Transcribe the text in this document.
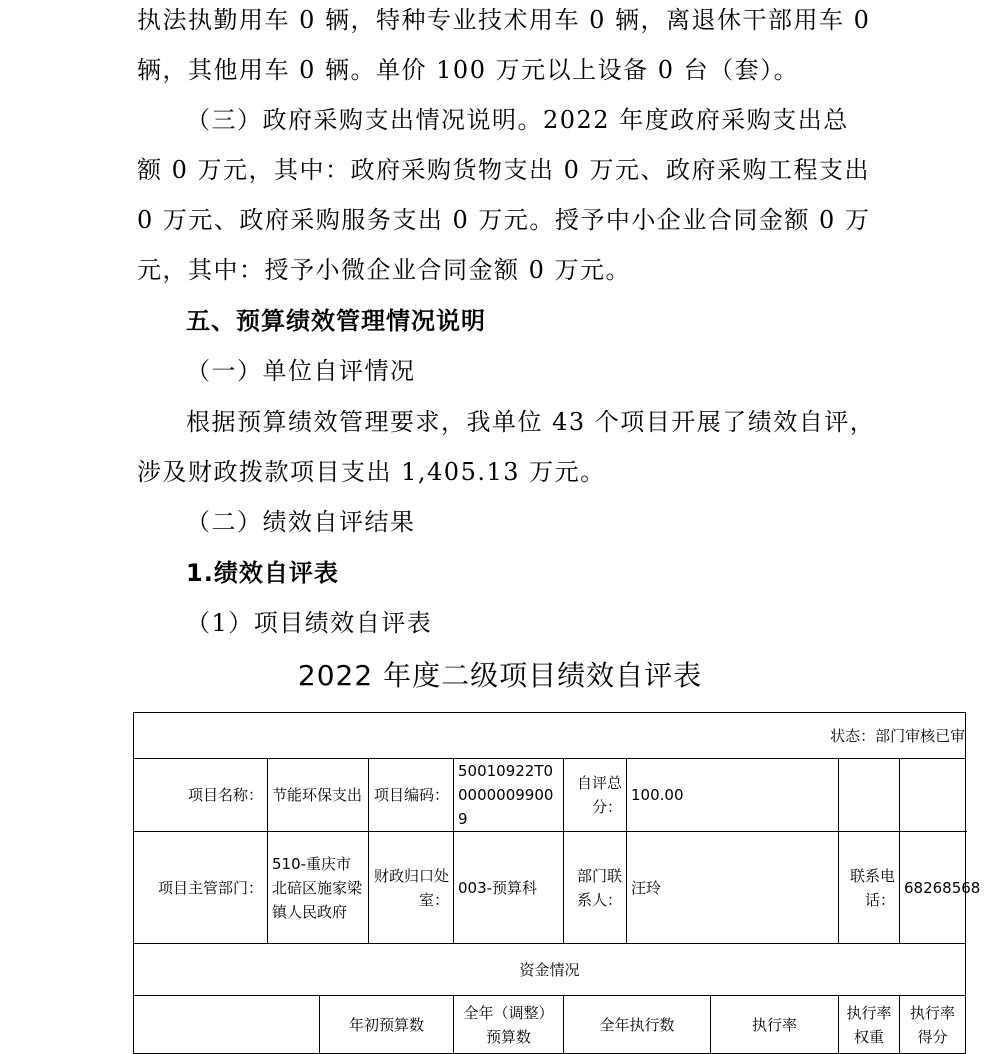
执法执勤用车 0 辆，特种专业技术用车 0 辆，离退休干部用车 0
辆，其他用车 0 辆。单价 100 万元以上设备 0 台（套）。
（三）政府采购支出情况说明。2022 年度政府采购支出总
额 0 万元，其中：政府采购货物支出 0 万元、政府采购工程支出
0 万元、政府采购服务支出 0 万元。授予中小企业合同金额 0 万
元，其中：授予小微企业合同金额 0 万元。
五、预算绩效管理情况说明
（一）单位自评情况
根据预算绩效管理要求，我单位 43 个项目开展了绩效自评，
涉及财政拨款项目支出 1,405.13 万元。
（二）绩效自评结果
1.绩效自评表
（1）项目绩效自评表
2022 年度二级项目绩效自评表
状态：部门审核已审									
项目名称：	节能环保支出		项目编码：	50010922T000000099009	自评总分：	100.00			
项目主管部门：	510-重庆市北碚区施家梁镇人民政府		财政归口处室：	003-预算科	部门联系人：	汪玲		联系电话：	68268568
资金情况									
		年初预算数		全年（调整）预算数	全年执行数		执行率	执行率权重	执行率得分
